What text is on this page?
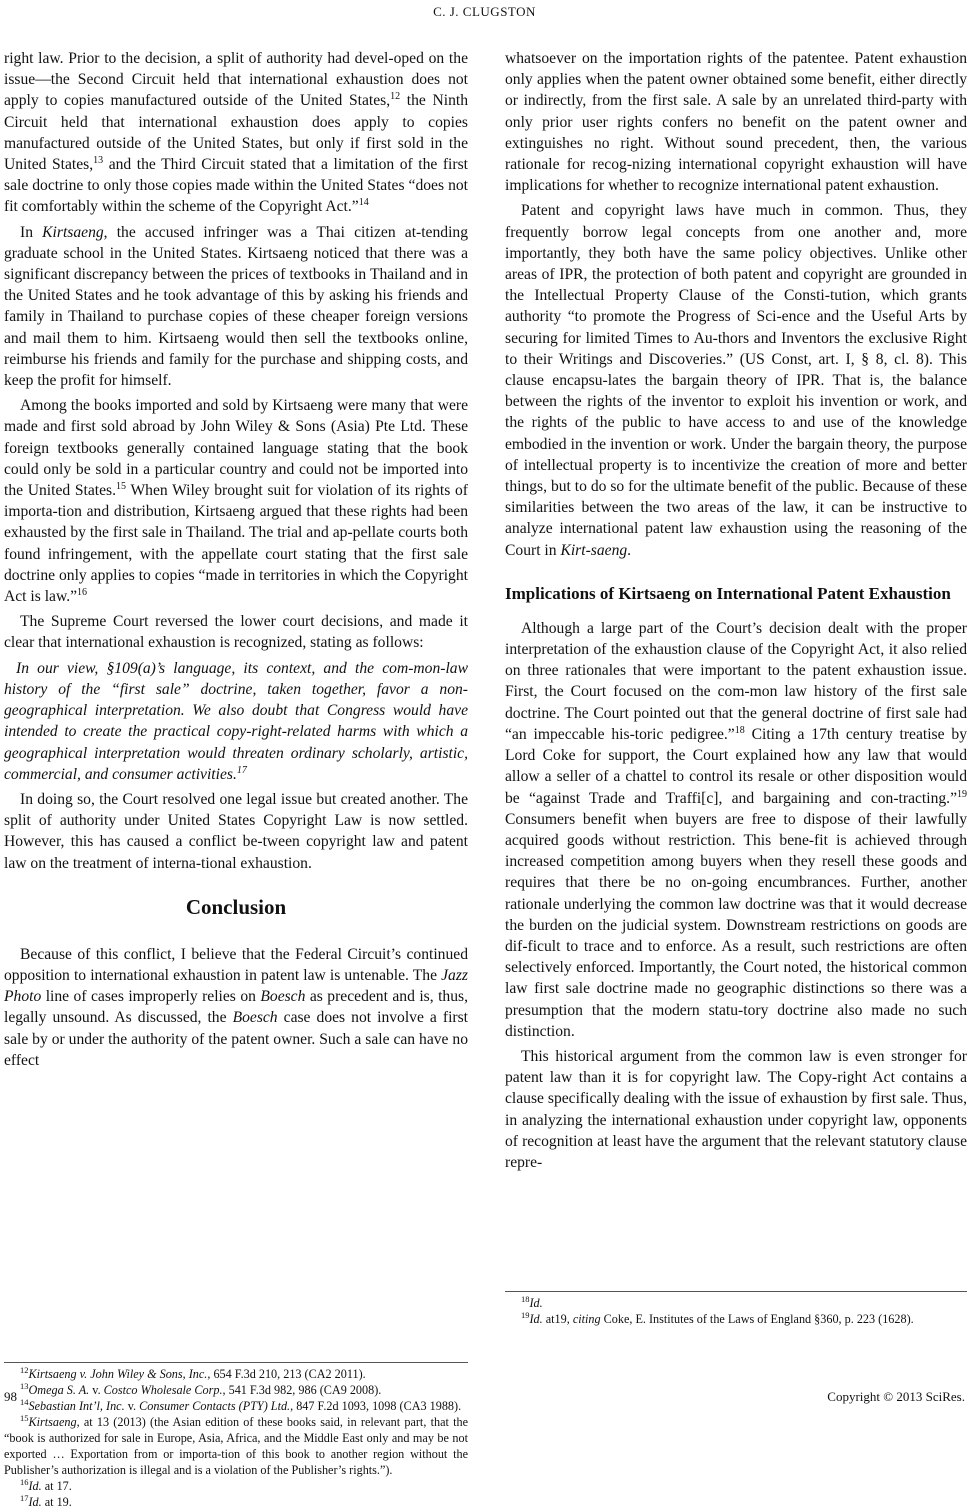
C. J. CLUGSTON

right law. Prior to the decision, a split of authority had devel-oped on the issue—the Second Circuit held that international exhaustion does not apply to copies manufactured outside of the United States,$^{12}$ the Ninth Circuit held that international exhaustion does apply to copies manufactured outside of the United States, but only if first sold in the United States,$^{13}$ and the Third Circuit stated that a limitation of the first sale doctrine to only those copies made within the United States “does not fit comfortably within the scheme of the Copyright Act.”$^{14}$

In Kirtsaeng, the accused infringer was a Thai citizen at-tending graduate school in the United States. Kirtsaeng noticed that there was a significant discrepancy between the prices of textbooks in Thailand and in the United States and he took advantage of this by asking his friends and family in Thailand to purchase copies of these cheaper foreign versions and mail them to him. Kirtsaeng would then sell the textbooks online, reimburse his friends and family for the purchase and shipping costs, and keep the profit for himself.

Among the books imported and sold by Kirtsaeng were many that were made and first sold abroad by John Wiley & Sons (Asia) Pte Ltd. These foreign textbooks generally contained language stating that the book could only be sold in a particular country and could not be imported into the United States.$^{15}$ When Wiley brought suit for violation of its rights of importa-tion and distribution, Kirtsaeng argued that these rights had been exhausted by the first sale in Thailand. The trial and ap-pellate courts both found infringement, with the appellate court stating that the first sale doctrine only applies to copies “made in territories in which the Copyright Act is law.”$^{16}$

The Supreme Court reversed the lower court decisions, and made it clear that international exhaustion is recognized, stating as follows:

In our view, §109(a)’s language, its context, and the com-mon-law history of the “first sale” doctrine, taken together, favor a non-geographical interpretation. We also doubt that Congress would have intended to create the practical copy-right-related harms with which a geographical interpretation would threaten ordinary scholarly, artistic, commercial, and consumer activities.$^{17}$

In doing so, the Court resolved one legal issue but created another. The split of authority under United States Copyright Law is now settled. However, this has caused a conflict be-tween copyright law and patent law on the treatment of interna-tional exhaustion.

Conclusion

Because of this conflict, I believe that the Federal Circuit’s continued opposition to international exhaustion in patent law is untenable. The Jazz Photo line of cases improperly relies on Boesch as precedent and is, thus, legally unsound. As discussed, the Boesch case does not involve a first sale by or under the authority of the patent owner. Such a sale can have no effect

$^{12}$Kirtsaeng v. John Wiley & Sons, Inc., 654 F.3d 210, 213 (CA2 2011).

$^{13}$Omega S. A. v. Costco Wholesale Corp., 541 F.3d 982, 986 (CA9 2008).

$^{14}$Sebastian Int’l, Inc. v. Consumer Contacts (PTY) Ltd., 847 F.2d 1093, 1098 (CA3 1988).

$^{15}$Kirtsaeng, at 13 (2013) (the Asian edition of these books said, in relevant part, that the “book is authorized for sale in Europe, Asia, Africa, and the Middle East only and may be not exported … Exportation from or importa-tion of this book to another region without the Publisher’s authorization is illegal and is a violation of the Publisher’s rights.”).

$^{16}$Id. at 17.

$^{17}$Id. at 19.

whatsoever on the importation rights of the patentee. Patent exhaustion only applies when the patent owner obtained some benefit, either directly or indirectly, from the first sale. A sale by an unrelated third-party with only prior user rights confers no benefit on the patent owner and extinguishes no right. Without sound precedent, then, the various rationale for recog-nizing international copyright exhaustion will have implications for whether to recognize international patent exhaustion.

Patent and copyright laws have much in common. Thus, they frequently borrow legal concepts from one another and, more importantly, they both have the same policy objectives. Unlike other areas of IPR, the protection of both patent and copyright are grounded in the Intellectual Property Clause of the Consti-tution, which grants authority “to promote the Progress of Sci-ence and the Useful Arts by securing for limited Times to Au-thors and Inventors the exclusive Right to their Writings and Discoveries.” (US Const, art. I, § 8, cl. 8). This clause encapsu-lates the bargain theory of IPR. That is, the balance between the rights of the inventor to exploit his invention or work, and the rights of the public to have access to and use of the knowledge embodied in the invention or work. Under the bargain theory, the purpose of intellectual property is to incentivize the creation of more and better things, but to do so for the ultimate benefit of the public. Because of these similarities between the two areas of the law, it can be instructive to analyze international patent law exhaustion using the reasoning of the Court in Kirt-saeng.

Implications of Kirtsaeng on International Patent Exhaustion

Although a large part of the Court’s decision dealt with the proper interpretation of the exhaustion clause of the Copyright Act, it also relied on three rationales that were important to the patent exhaustion issue. First, the Court focused on the com-mon law history of the first sale doctrine. The Court pointed out that the general doctrine of first sale had “an impeccable his-toric pedigree.”$^{18}$ Citing a 17th century treatise by Lord Coke for support, the Court explained how any law that would allow a seller of a chattel to control its resale or other disposition would be “against Trade and Traffi[c], and bargaining and con-tracting.”$^{19}$ Consumers benefit when buyers are free to dispose of their lawfully acquired goods without restriction. This bene-fit is achieved through increased competition among buyers when they resell these goods and requires that there be no on-going encumbrances. Further, another rationale underlying the common law doctrine was that it would decrease the burden on the judicial system. Downstream restrictions on goods are dif-ficult to trace and to enforce. As a result, such restrictions are often selectively enforced. Importantly, the Court noted, the historical common law first sale doctrine made no geographic distinctions so there was a presumption that the modern statu-tory doctrine also made no such distinction.

This historical argument from the common law is even stronger for patent law than it is for copyright law. The Copy-right Act contains a clause specifically dealing with the issue of exhaustion by first sale. Thus, in analyzing the international exhaustion under copyright law, opponents of recognition at least have the argument that the relevant statutory clause repre-

$^{18}$Id.

$^{19}$Id. at19, citing Coke, E. Institutes of the Laws of England §360, p. 223 (1628).

98	Copyright © 2013 SciRes.
